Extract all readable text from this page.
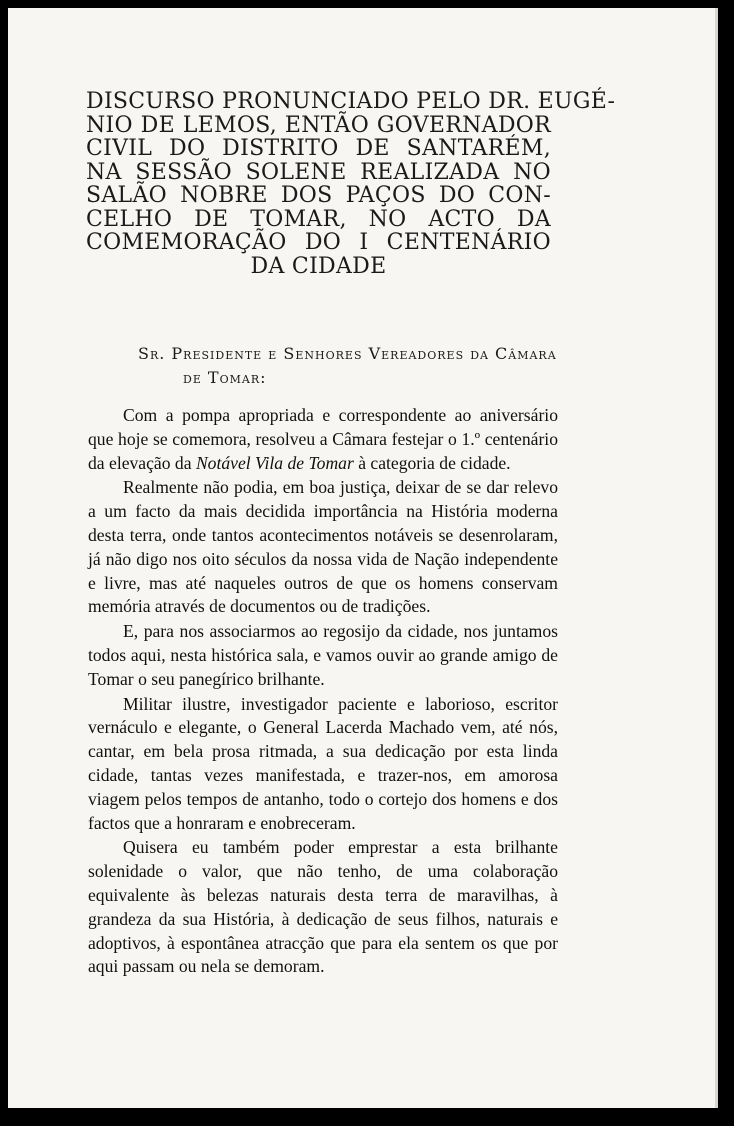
DISCURSO PRONUNCIADO PELO DR. EUGÉ-
NIO DE LEMOS, ENTÃO GOVERNADOR
CIVIL DO DISTRITO DE SANTARÉM,
NA SESSÃO SOLENE REALIZADA NO
SALÃO NOBRE DOS PAÇOS DO CON-
CELHO DE TOMAR, NO ACTO DA
COMEMORAÇÃO DO I CENTENÁRIO
DA CIDADE
Sr. Presidente e Senhores Vereadores da Câmara
de Tomar:

Com a pompa apropriada e correspondente ao aniversário que hoje se comemora, resolveu a Câmara festejar o 1.º centenário da elevação da Notável Vila de Tomar à categoria de cidade.

Realmente não podia, em boa justiça, deixar de se dar relevo a um facto da mais decidida importância na História moderna desta terra, onde tantos acontecimentos notáveis se desenrolaram, já não digo nos oito séculos da nossa vida de Nação independente e livre, mas até naqueles outros de que os homens conservam memória através de documentos ou de tradições.

E, para nos associarmos ao regosijo da cidade, nos juntamos todos aqui, nesta histórica sala, e vamos ouvir ao grande amigo de Tomar o seu panegírico brilhante.

Militar ilustre, investigador paciente e laborioso, escritor vernáculo e elegante, o General Lacerda Machado vem, até nós, cantar, em bela prosa ritmada, a sua dedicação por esta linda cidade, tantas vezes manifestada, e trazer-nos, em amorosa viagem pelos tempos de antanho, todo o cortejo dos homens e dos factos que a honraram e enobreceram.

Quisera eu também poder emprestar a esta brilhante solenidade o valor, que não tenho, de uma colaboração equivalente às belezas naturais desta terra de maravilhas, à grandeza da sua História, à dedicação de seus filhos, naturais e adoptivos, à espontânea atracção que para ela sentem os que por aqui passam ou nela se demoram.
